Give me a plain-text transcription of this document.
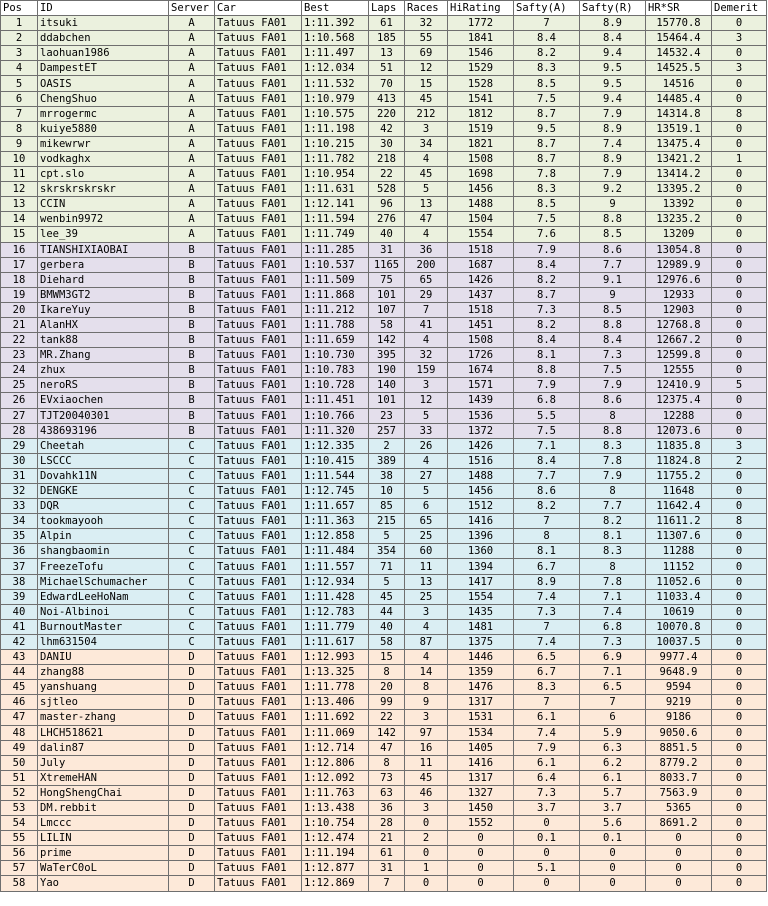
Pos	ID	Server	Car	Best	Laps	Races	HiRating	Safty(A)	Safty(R)	HR*SR	Demerit
1	itsuki	A	Tatuus FA01	1:11.392	61	32	1772	7	8.9	15770.8	0
2	ddabchen	A	Tatuus FA01	1:10.568	185	55	1841	8.4	8.4	15464.4	3
3	laohuan1986	A	Tatuus FA01	1:11.497	13	69	1546	8.2	9.4	14532.4	0
4	DampestET	A	Tatuus FA01	1:12.034	51	12	1529	8.3	9.5	14525.5	3
5	OASIS	A	Tatuus FA01	1:11.532	70	15	1528	8.5	9.5	14516	0
6	ChengShuo	A	Tatuus FA01	1:10.979	413	45	1541	7.5	9.4	14485.4	0
7	mrrogermc	A	Tatuus FA01	1:10.575	220	212	1812	8.7	7.9	14314.8	8
8	kuiye5880	A	Tatuus FA01	1:11.198	42	3	1519	9.5	8.9	13519.1	0
9	mikewrwr	A	Tatuus FA01	1:10.215	30	34	1821	8.7	7.4	13475.4	0
10	vodkaghx	A	Tatuus FA01	1:11.782	218	4	1508	8.7	8.9	13421.2	1
11	cpt.slo	A	Tatuus FA01	1:10.954	22	45	1698	7.8	7.9	13414.2	0
12	skrskrskrskr	A	Tatuus FA01	1:11.631	528	5	1456	8.3	9.2	13395.2	0
13	CCIN	A	Tatuus FA01	1:12.141	96	13	1488	8.5	9	13392	0
14	wenbin9972	A	Tatuus FA01	1:11.594	276	47	1504	7.5	8.8	13235.2	0
15	lee_39	A	Tatuus FA01	1:11.749	40	4	1554	7.6	8.5	13209	0
16	TIANSHIXIAOBAI	B	Tatuus FA01	1:11.285	31	36	1518	7.9	8.6	13054.8	0
17	gerbera	B	Tatuus FA01	1:10.537	1165	200	1687	8.4	7.7	12989.9	0
18	Diehard	B	Tatuus FA01	1:11.509	75	65	1426	8.2	9.1	12976.6	0
19	BMWM3GT2	B	Tatuus FA01	1:11.868	101	29	1437	8.7	9	12933	0
20	IkareYuy	B	Tatuus FA01	1:11.212	107	7	1518	7.3	8.5	12903	0
21	AlanHX	B	Tatuus FA01	1:11.788	58	41	1451	8.2	8.8	12768.8	0
22	tank88	B	Tatuus FA01	1:11.659	142	4	1508	8.4	8.4	12667.2	0
23	MR.Zhang	B	Tatuus FA01	1:10.730	395	32	1726	8.1	7.3	12599.8	0
24	zhux	B	Tatuus FA01	1:10.783	190	159	1674	8.8	7.5	12555	0
25	neroRS	B	Tatuus FA01	1:10.728	140	3	1571	7.9	7.9	12410.9	5
26	EVxiaochen	B	Tatuus FA01	1:11.451	101	12	1439	6.8	8.6	12375.4	0
27	TJT20040301	B	Tatuus FA01	1:10.766	23	5	1536	5.5	8	12288	0
28	438693196	B	Tatuus FA01	1:11.320	257	33	1372	7.5	8.8	12073.6	0
29	Cheetah	C	Tatuus FA01	1:12.335	2	26	1426	7.1	8.3	11835.8	3
30	LSCCC	C	Tatuus FA01	1:10.415	389	4	1516	8.4	7.8	11824.8	2
31	Dovahk11N	C	Tatuus FA01	1:11.544	38	27	1488	7.7	7.9	11755.2	0
32	DENGKE	C	Tatuus FA01	1:12.745	10	5	1456	8.6	8	11648	0
33	DQR	C	Tatuus FA01	1:11.657	85	6	1512	8.2	7.7	11642.4	0
34	tookmayooh	C	Tatuus FA01	1:11.363	215	65	1416	7	8.2	11611.2	8
35	Alpin	C	Tatuus FA01	1:12.858	5	25	1396	8	8.1	11307.6	0
36	shangbaomin	C	Tatuus FA01	1:11.484	354	60	1360	8.1	8.3	11288	0
37	FreezeTofu	C	Tatuus FA01	1:11.557	71	11	1394	6.7	8	11152	0
38	MichaelSchumacher	C	Tatuus FA01	1:12.934	5	13	1417	8.9	7.8	11052.6	0
39	EdwardLeeHoNam	C	Tatuus FA01	1:11.428	45	25	1554	7.4	7.1	11033.4	0
40	Noi-Albinoi	C	Tatuus FA01	1:12.783	44	3	1435	7.3	7.4	10619	0
41	BurnoutMaster	C	Tatuus FA01	1:11.779	40	4	1481	7	6.8	10070.8	0
42	lhm631504	C	Tatuus FA01	1:11.617	58	87	1375	7.4	7.3	10037.5	0
43	DANIU	D	Tatuus FA01	1:12.993	15	4	1446	6.5	6.9	9977.4	0
44	zhang88	D	Tatuus FA01	1:13.325	8	14	1359	6.7	7.1	9648.9	0
45	yanshuang	D	Tatuus FA01	1:11.778	20	8	1476	8.3	6.5	9594	0
46	sjtleo	D	Tatuus FA01	1:13.406	99	9	1317	7	7	9219	0
47	master-zhang	D	Tatuus FA01	1:11.692	22	3	1531	6.1	6	9186	0
48	LHCH518621	D	Tatuus FA01	1:11.069	142	97	1534	7.4	5.9	9050.6	0
49	dalin87	D	Tatuus FA01	1:12.714	47	16	1405	7.9	6.3	8851.5	0
50	July	D	Tatuus FA01	1:12.806	8	11	1416	6.1	6.2	8779.2	0
51	XtremeHAN	D	Tatuus FA01	1:12.092	73	45	1317	6.4	6.1	8033.7	0
52	HongShengChai	D	Tatuus FA01	1:11.763	63	46	1327	7.3	5.7	7563.9	0
53	DM.rebbit	D	Tatuus FA01	1:13.438	36	3	1450	3.7	3.7	5365	0
54	Lmccc	D	Tatuus FA01	1:10.754	28	0	1552	0	5.6	8691.2	0
55	LILIN	D	Tatuus FA01	1:12.474	21	2	0	0.1	0.1	0	0
56	prime	D	Tatuus FA01	1:11.194	61	0	0	0	0	0	0
57	WaTerC0oL	D	Tatuus FA01	1:12.877	31	1	0	5.1	0	0	0
58	Yao	D	Tatuus FA01	1:12.869	7	0	0	0	0	0	0
